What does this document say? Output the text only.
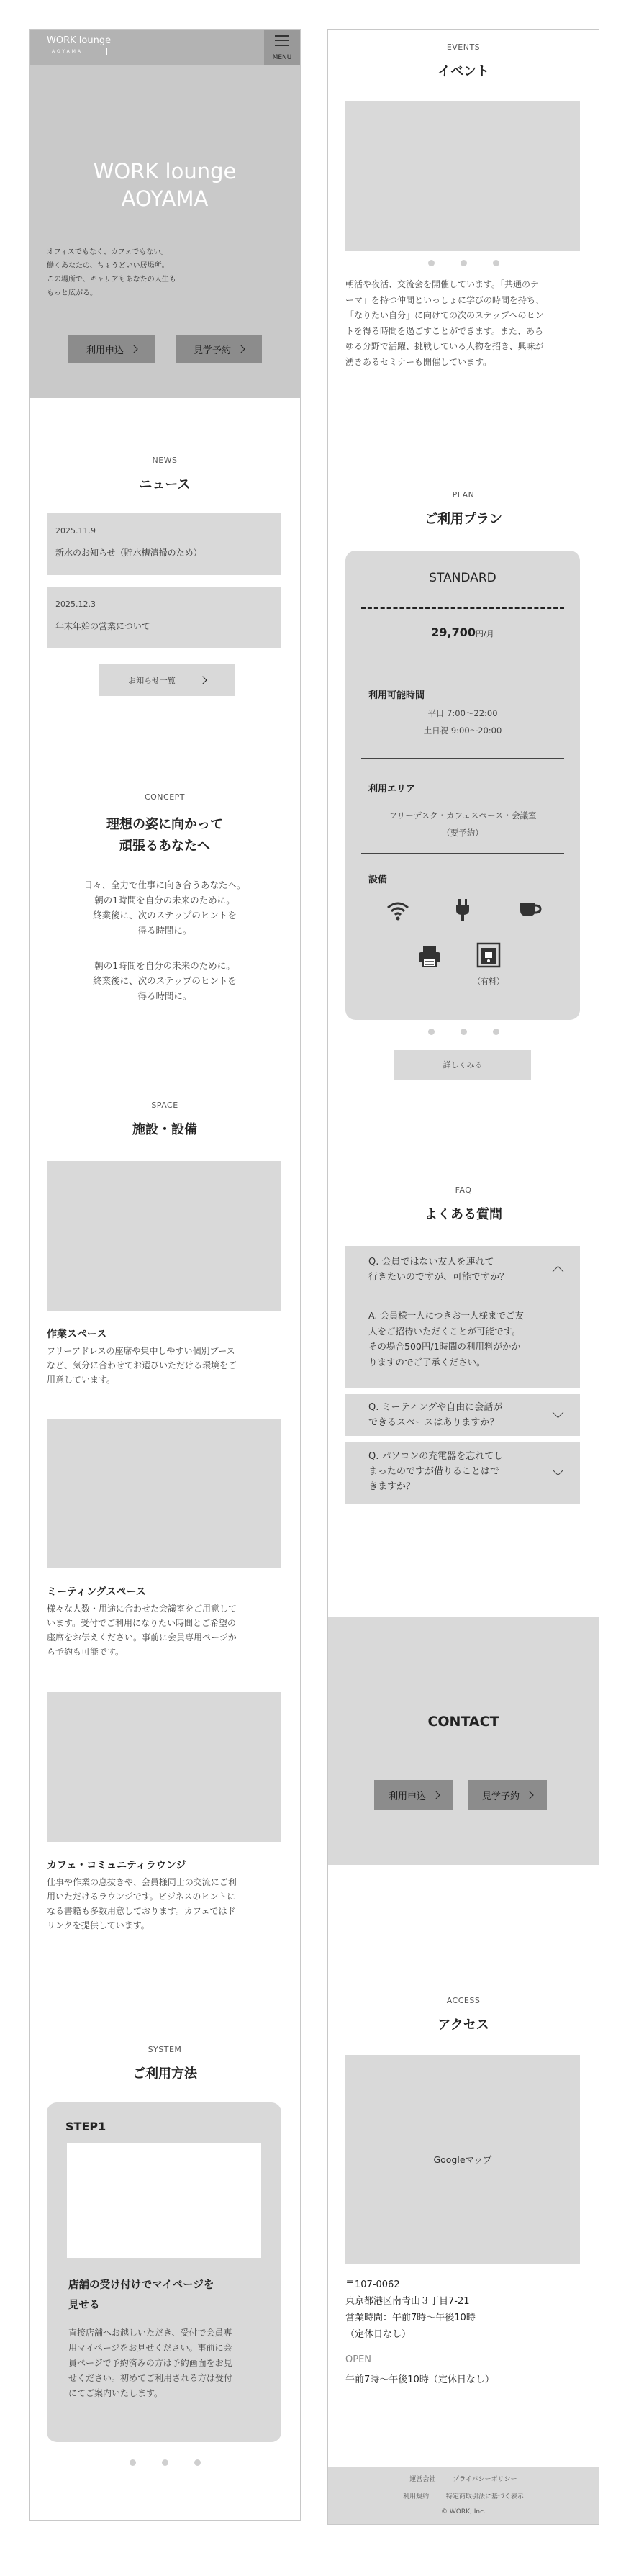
WORK lounge
AOYAMA
MENU
WORK lounge
AOYAMA
オフィスでもなく、カフェでもない。
働くあなたの、ちょうどいい居場所。
この場所で、キャリアもあなたの人生も
もっと広がる。
利用申込	見学予約
NEWS
ニュース
2025.11.9
新水のお知らせ（貯水槽清掃のため）
2025.12.3
年末年始の営業について
お知らせ一覧
CONCEPT
理想の姿に向かって
頑張るあなたへ
日々、全力で仕事に向き合うあなたへ。
朝の1時間を自分の未来のために。
終業後に、次のステップのヒントを
得る時間に。
朝の1時間を自分の未来のために。
終業後に、次のステップのヒントを
得る時間に。
SPACE
施設・設備
作業スペース
フリーアドレスの座席や集中しやすい個別ブース
など、気分に合わせてお選びいただける環境をご
用意しています。
ミーティングスペース
様々な人数・用途に合わせた会議室をご用意して
います。受付でご利用になりたい時間とご希望の
座席をお伝えください。事前に会員専用ページか
ら予約も可能です。
カフェ・コミュニティラウンジ
仕事や作業の息抜きや、会員様同士の交流にご利
用いただけるラウンジです。ビジネスのヒントに
なる書籍も多数用意しております。カフェではド
リンクを提供しています。
SYSTEM
ご利用方法
STEP1
店舗の受け付けでマイページを
見せる
直接店舗へお越しいただき、受付で会員専
用マイページをお見せください。事前に会
員ページで予約済みの方は予約画面をお見
せください。初めてご利用される方は受付
にてご案内いたします。
EVENTS
イベント
朝活や夜活、交流会を開催しています。「共通のテ
ーマ」を持つ仲間といっしょに学びの時間を持ち、
「なりたい自分」に向けての次のステップへのヒン
トを得る時間を過ごすことができます。また、あら
ゆる分野で活躍、挑戦している人物を招き、興味が
湧きあるセミナーも開催しています。
PLAN
ご利用プラン
STANDARD
29,700円/月
利用可能時間
平日 7:00～22:00
土日祝 9:00～20:00
利用エリア
フリーデスク・カフェスペース・会議室
（要予約）
設備
（有料）
詳しくみる
FAQ
よくある質問
Q. 会員ではない友人を連れて
行きたいのですが、可能ですか？
A. 会員様一人につきお一人様までご友
人をご招待いただくことが可能です。
その場合500円/1時間の利用料がかか
りますのでご了承ください。
Q. ミーティングや自由に会話が
できるスペースはありますか？
Q. パソコンの充電器を忘れてし
まったのですが借りることはで
きますか？
CONTACT
利用申込	見学予約
ACCESS
アクセス
Googleマップ
〒107-0062
東京都港区南青山３丁目7-21
営業時間：午前7時〜午後10時
（定休日なし）
OPEN
午前7時〜午後10時（定休日なし）
運営会社	プライバシーポリシー
利用規約	特定商取引法に基づく表示
© WORK, Inc.
